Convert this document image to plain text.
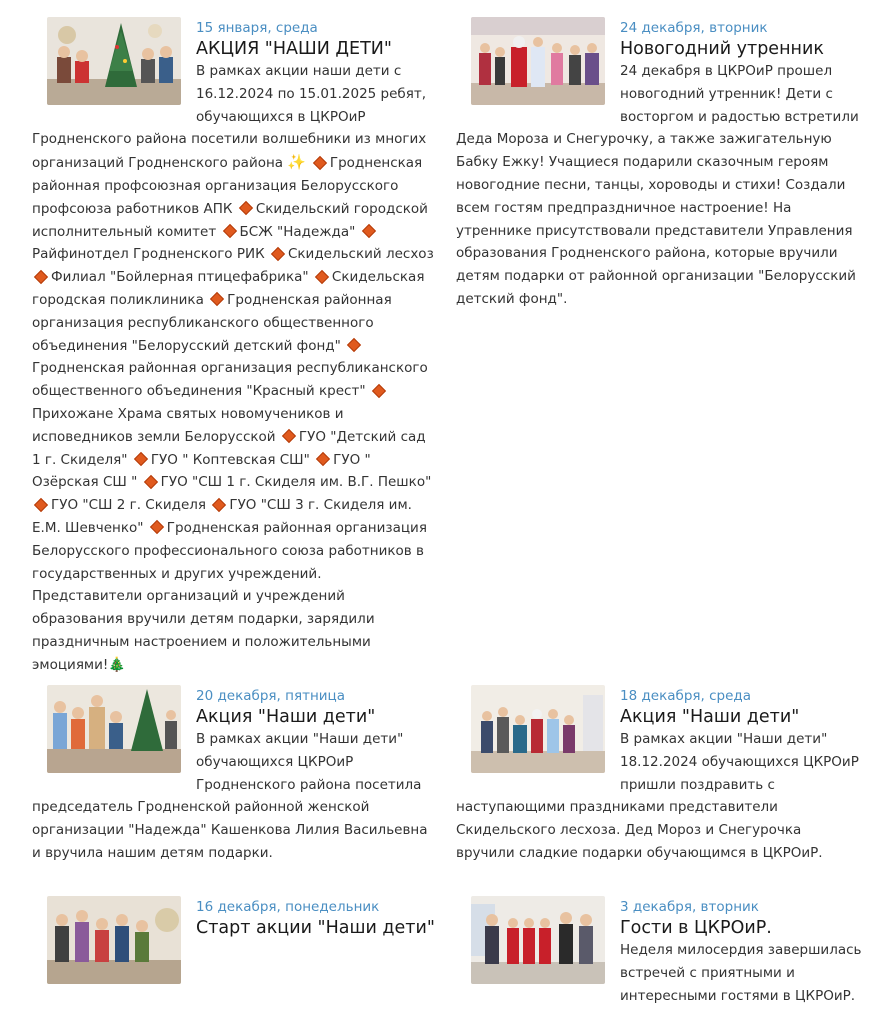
15 января, среда
АКЦИЯ "НАШИ ДЕТИ"
В рамках акции наши дети с 16.12.2024 по 15.01.2025 ребят, обучающихся в ЦКРОиР Гродненского района посетили волшебники из многих организаций Гродненского района ✨ Гродненская районная профсоюзная организация Белорусского профсоюза работников АПК Скидельский городской исполнительный комитет БСЖ "Надежда" Райфинотдел Гродненского РИК Скидельский лесхоз Филиал "Бойлерная птицефабрика" Скидельская городская поликлиника Гродненская районная организация республиканского общественного объединения "Белорусский детский фонд" Гродненская районная организация республиканского общественного объединения "Красный крест" Прихожане Храма святых новомучеников и исповедников земли Белорусской ГУО "Детский сад 1 г. Скиделя" ГУО " Коптевская СШ" ГУО " Озёрская СШ " ГУО "СШ 1 г. Скиделя им. В.Г. Пешко" ГУО "СШ 2 г. Скиделя ГУО "СШ 3 г. Скиделя им. Е.М. Шевченко" Гродненская районная организация Белорусского профессионального союза работников в государственных и других учреждений. Представители организаций и учреждений образования вручили детям подарки, зарядили праздничным настроением и положительными эмоциями!🎄
24 декабря, вторник
Новогодний утренник
24 декабря в ЦКРОиР прошел новогодний утренник! Дети с восторгом и радостью встретили Деда Мороза и Снегурочку, а также зажигательную Бабку Ежку! Учащиеся подарили сказочным героям новогодние песни, танцы, хороводы и стихи! Создали всем гостям предпраздничное настроение! На утреннике присутствовали представители Управления образования Гродненского района, которые вручили детям подарки от районной организации "Белорусский детский фонд".
20 декабря, пятница
Акция "Наши дети"
В рамках акции "Наши дети" обучающихся ЦКРОиР Гродненского района посетила председатель Гродненской районной женской организации "Надежда" Кашенкова Лилия Васильевна и вручила нашим детям подарки.
18 декабря, среда
Акция "Наши дети"
В рамках акции "Наши дети" 18.12.2024 обучающихся ЦКРОиР пришли поздравить с наступающими праздниками представители Скидельского лесхоза. Дед Мороз и Снегурочка вручили сладкие подарки обучающимся в ЦКРОиР.
16 декабря, понедельник
Старт акции "Наши дети"
3 декабря, вторник
Гости в ЦКРОиР.
Неделя милосердия завершилась встречей с приятными и интересными гостями в ЦКРОиР.
